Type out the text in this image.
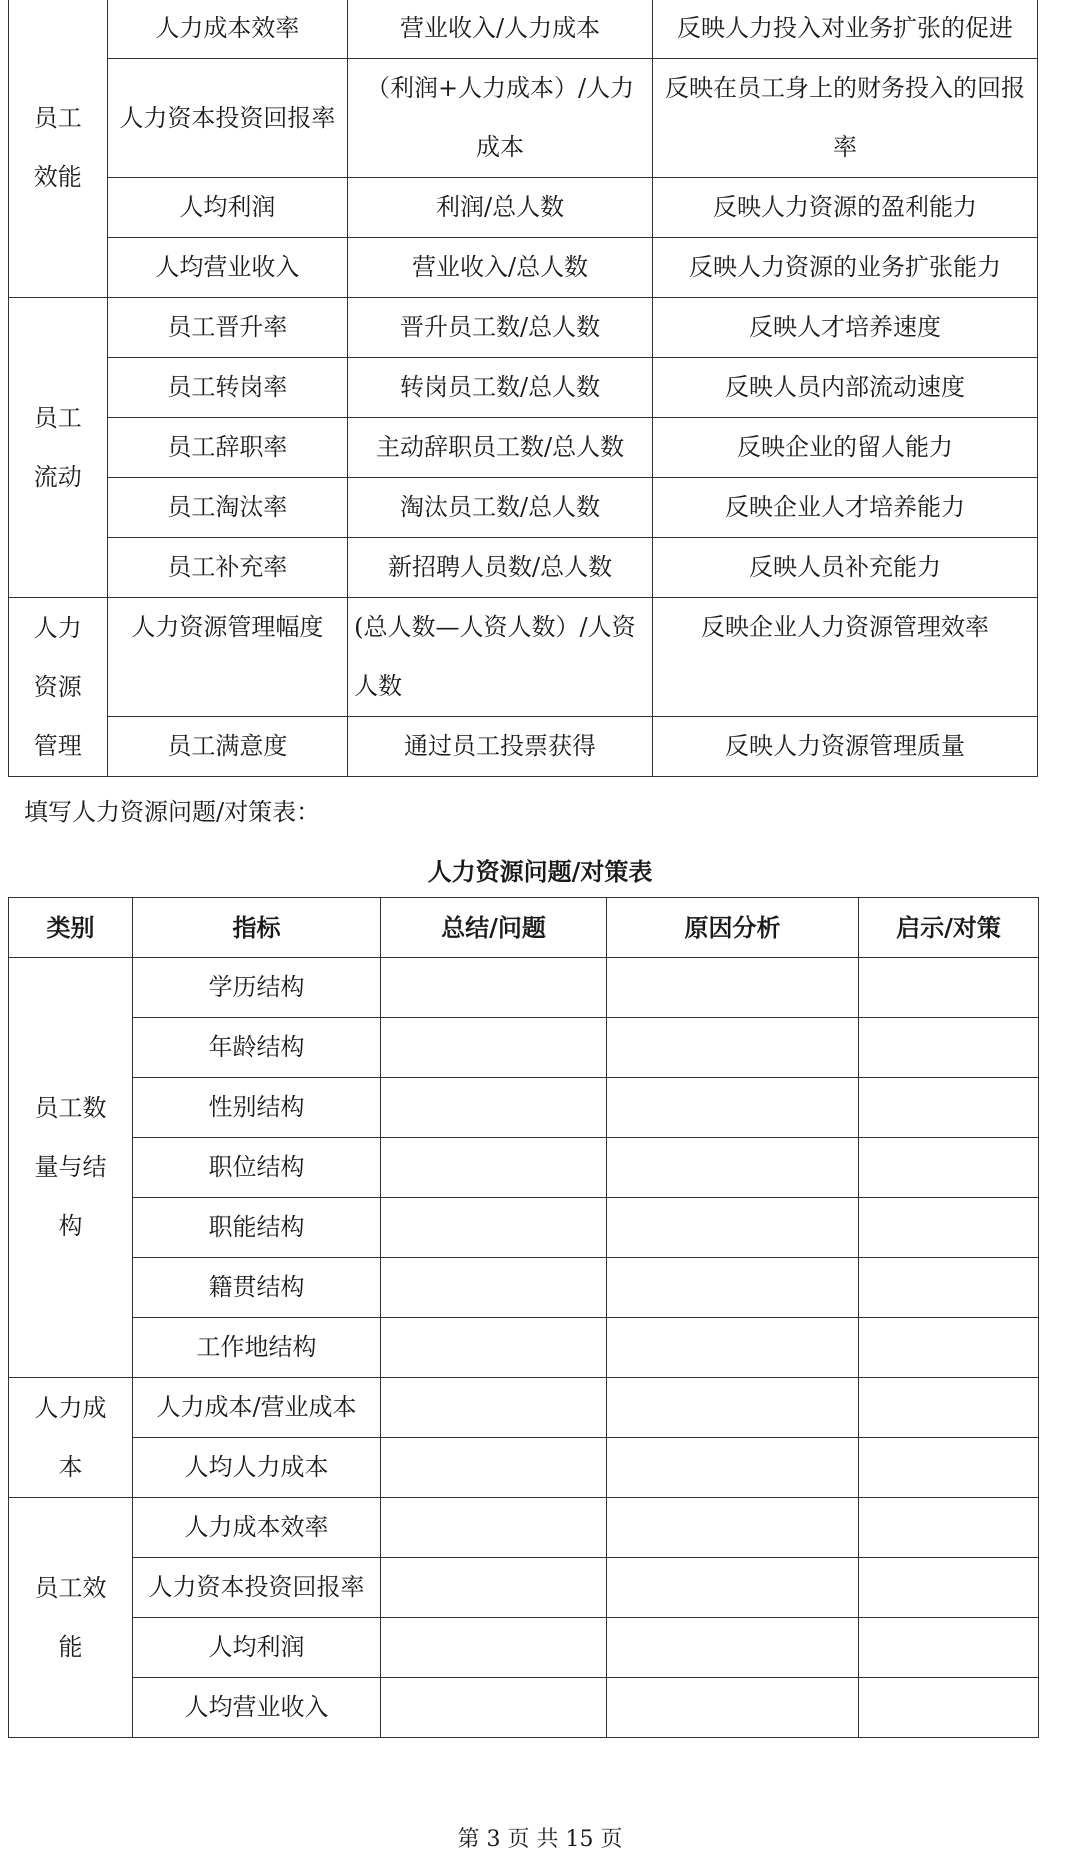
员工
效能	人力成本效率	营业收入/人力成本	反映人力投入对业务扩张的促进
	人力资本投资回报率	（利润+人力成本）/人力成本	反映在员工身上的财务投入的回报率

	人均利润	利润/总人数	反映人力资源的盈利能力
	人均营业收入	营业收入/总人数	反映人力资源的业务扩张能力

员工
流动	员工晋升率	晋升员工数/总人数	反映人才培养速度
	员工转岗率	转岗员工数/总人数	反映人员内部流动速度
	员工辞职率	主动辞职员工数/总人数	反映企业的留人能力
	员工淘汰率	淘汰员工数/总人数	反映企业人才培养能力
	员工补充率	新招聘人员数/总人数	反映人员补充能力

人力
资源
管理	人力资源管理幅度	(总人数—人资人数）/人资人数	反映企业人力资源管理效率

	员工满意度	通过员工投票获得	反映人力资源管理质量
填写人力资源问题/对策表：
人力资源问题/对策表
类别	指标	总结/问题	原因分析	启示/对策

员工数
量与结
构	学历结构			
	年龄结构			
	性别结构			
	职位结构			
	职能结构			
	籍贯结构			
	工作地结构			

人力成
本	人力成本/营业成本			
	人均人力成本			

员工效
能	人力成本效率			
	人力资本投资回报率			

	人均利润			
	人均营业收入			
第 3 页 共 15 页
